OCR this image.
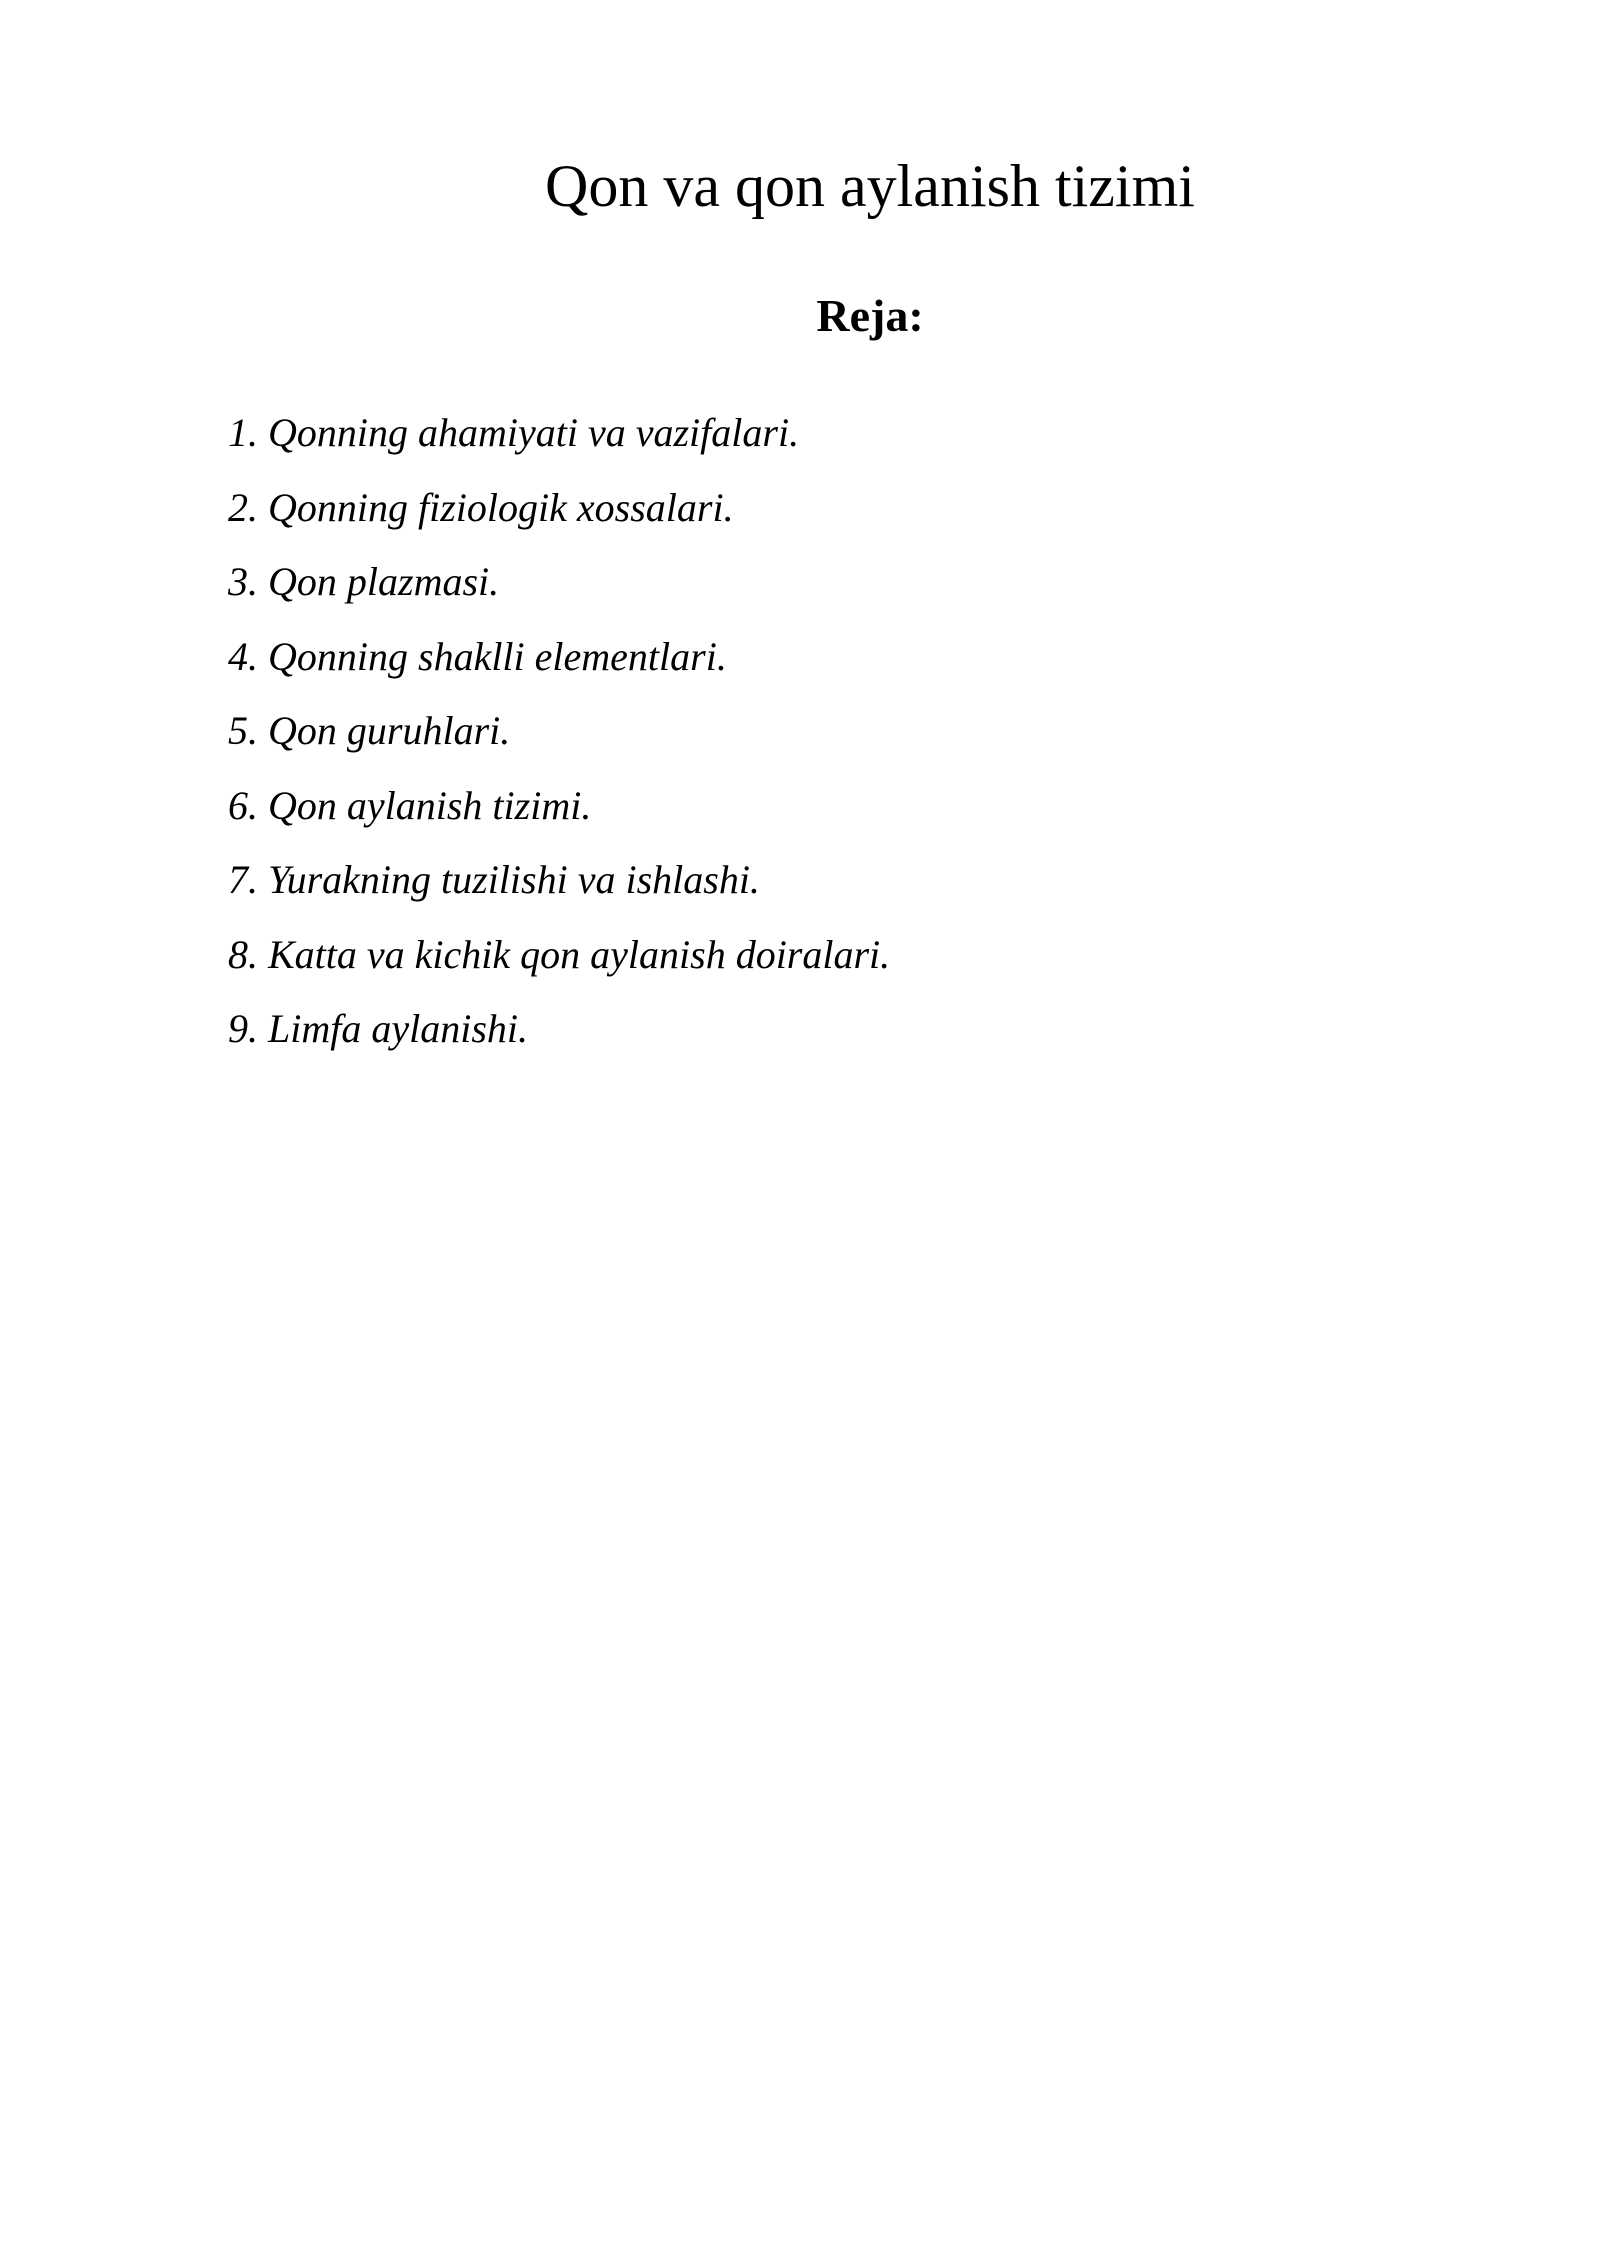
Qon va qon aylanish tizimi
Reja:
1. Qonning ahamiyati va vazifalari.
2. Qonning fiziologik xossalari.
3. Qon plazmasi.
4. Qonning shaklli elementlari.
5. Qon guruhlari.
6. Qon aylanish tizimi.
7. Yurakning tuzilishi va ishlashi.
8. Katta va kichik qon aylanish doiralari.
9. Limfa aylanishi.
